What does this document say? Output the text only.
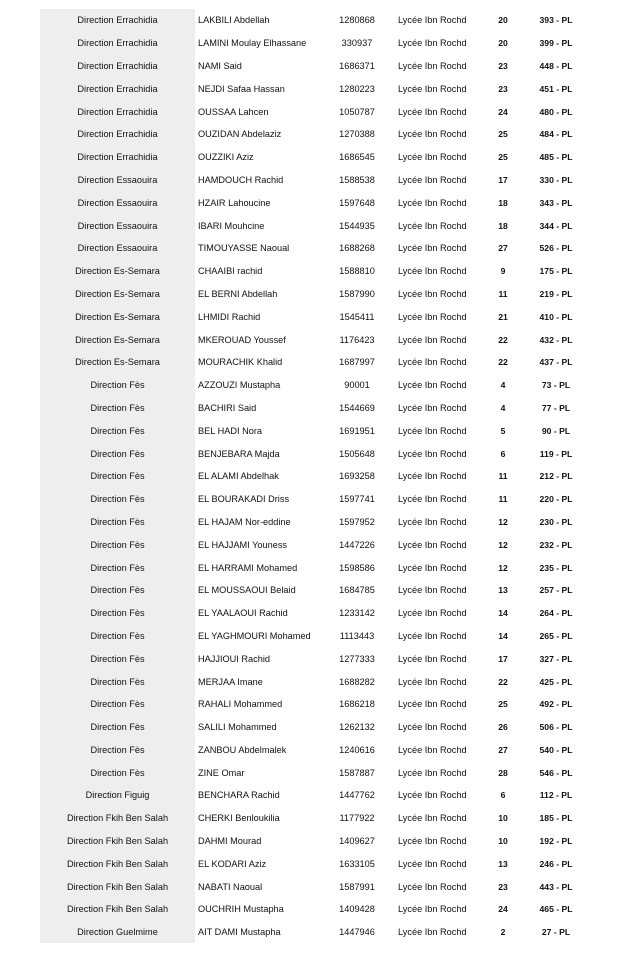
Direction Errachidia	LAKBILI Abdellah	1280868	Lycée Ibn Rochd	20	393 - PL
Direction Errachidia	LAMINI Moulay Elhassane	330937	Lycée Ibn Rochd	20	399 - PL
Direction Errachidia	NAMI Said	1686371	Lycée Ibn Rochd	23	448 - PL
Direction Errachidia	NEJDI Safaa Hassan	1280223	Lycée Ibn Rochd	23	451 - PL
Direction Errachidia	OUSSAA Lahcen	1050787	Lycée Ibn Rochd	24	480 - PL
Direction Errachidia	OUZIDAN Abdelaziz	1270388	Lycée Ibn Rochd	25	484 - PL
Direction Errachidia	OUZZIKI Aziz	1686545	Lycée Ibn Rochd	25	485 - PL
Direction Essaouira	HAMDOUCH Rachid	1588538	Lycée Ibn Rochd	17	330 - PL
Direction Essaouira	HZAIR Lahoucine	1597648	Lycée Ibn Rochd	18	343 - PL
Direction Essaouira	IBARI Mouhcine	1544935	Lycée Ibn Rochd	18	344 - PL
Direction Essaouira	TIMOUYASSE Naoual	1688268	Lycée Ibn Rochd	27	526 - PL
Direction Es-Semara	CHAAIBI rachid	1588810	Lycée Ibn Rochd	9	175 - PL
Direction Es-Semara	EL BERNI Abdellah	1587990	Lycée Ibn Rochd	11	219 - PL
Direction Es-Semara	LHMIDI Rachid	1545411	Lycée Ibn Rochd	21	410 - PL
Direction Es-Semara	MKEROUAD Youssef	1176423	Lycée Ibn Rochd	22	432 - PL
Direction Es-Semara	MOURACHIK Khalid	1687997	Lycée Ibn Rochd	22	437 - PL
Direction Fès	AZZOUZI Mustapha	90001	Lycée Ibn Rochd	4	73 - PL
Direction Fès	BACHIRI Said	1544669	Lycée Ibn Rochd	4	77 - PL
Direction Fès	BEL HADI Nora	1691951	Lycée Ibn Rochd	5	90 - PL
Direction Fès	BENJEBARA Majda	1505648	Lycée Ibn Rochd	6	119 - PL
Direction Fès	EL ALAMI Abdelhak	1693258	Lycée Ibn Rochd	11	212 - PL
Direction Fès	EL BOURAKADI Driss	1597741	Lycée Ibn Rochd	11	220 - PL
Direction Fès	EL HAJAM Nor-eddine	1597952	Lycée Ibn Rochd	12	230 - PL
Direction Fès	EL HAJJAMI Youness	1447226	Lycée Ibn Rochd	12	232 - PL
Direction Fès	EL HARRAMI Mohamed	1598586	Lycée Ibn Rochd	12	235 - PL
Direction Fès	EL MOUSSAOUI Belaid	1684785	Lycée Ibn Rochd	13	257 - PL
Direction Fès	EL YAALAOUI Rachid	1233142	Lycée Ibn Rochd	14	264 - PL
Direction Fès	EL YAGHMOURI Mohamed	1113443	Lycée Ibn Rochd	14	265 - PL
Direction Fès	HAJJIOUI Rachid	1277333	Lycée Ibn Rochd	17	327 - PL
Direction Fès	MERJAA Imane	1688282	Lycée Ibn Rochd	22	425 - PL
Direction Fès	RAHALI Mohammed	1686218	Lycée Ibn Rochd	25	492 - PL
Direction Fès	SALILI Mohammed	1262132	Lycée Ibn Rochd	26	506 - PL
Direction Fès	ZANBOU Abdelmalek	1240616	Lycée Ibn Rochd	27	540 - PL
Direction Fès	ZINE Omar	1587887	Lycée Ibn Rochd	28	546 - PL
Direction Figuig	BENCHARA Rachid	1447762	Lycée Ibn Rochd	6	112 - PL
Direction Fkih Ben Salah	CHERKI Benloukilia	1177922	Lycée Ibn Rochd	10	185 - PL
Direction Fkih Ben Salah	DAHMI Mourad	1409627	Lycée Ibn Rochd	10	192 - PL
Direction Fkih Ben Salah	EL KODARI Aziz	1633105	Lycée Ibn Rochd	13	246 - PL
Direction Fkih Ben Salah	NABATI Naoual	1587991	Lycée Ibn Rochd	23	443 - PL
Direction Fkih Ben Salah	OUCHRIH Mustapha	1409428	Lycée Ibn Rochd	24	465 - PL
Direction Guelmime	AIT DAMI Mustapha	1447946	Lycée Ibn Rochd	2	27 - PL
